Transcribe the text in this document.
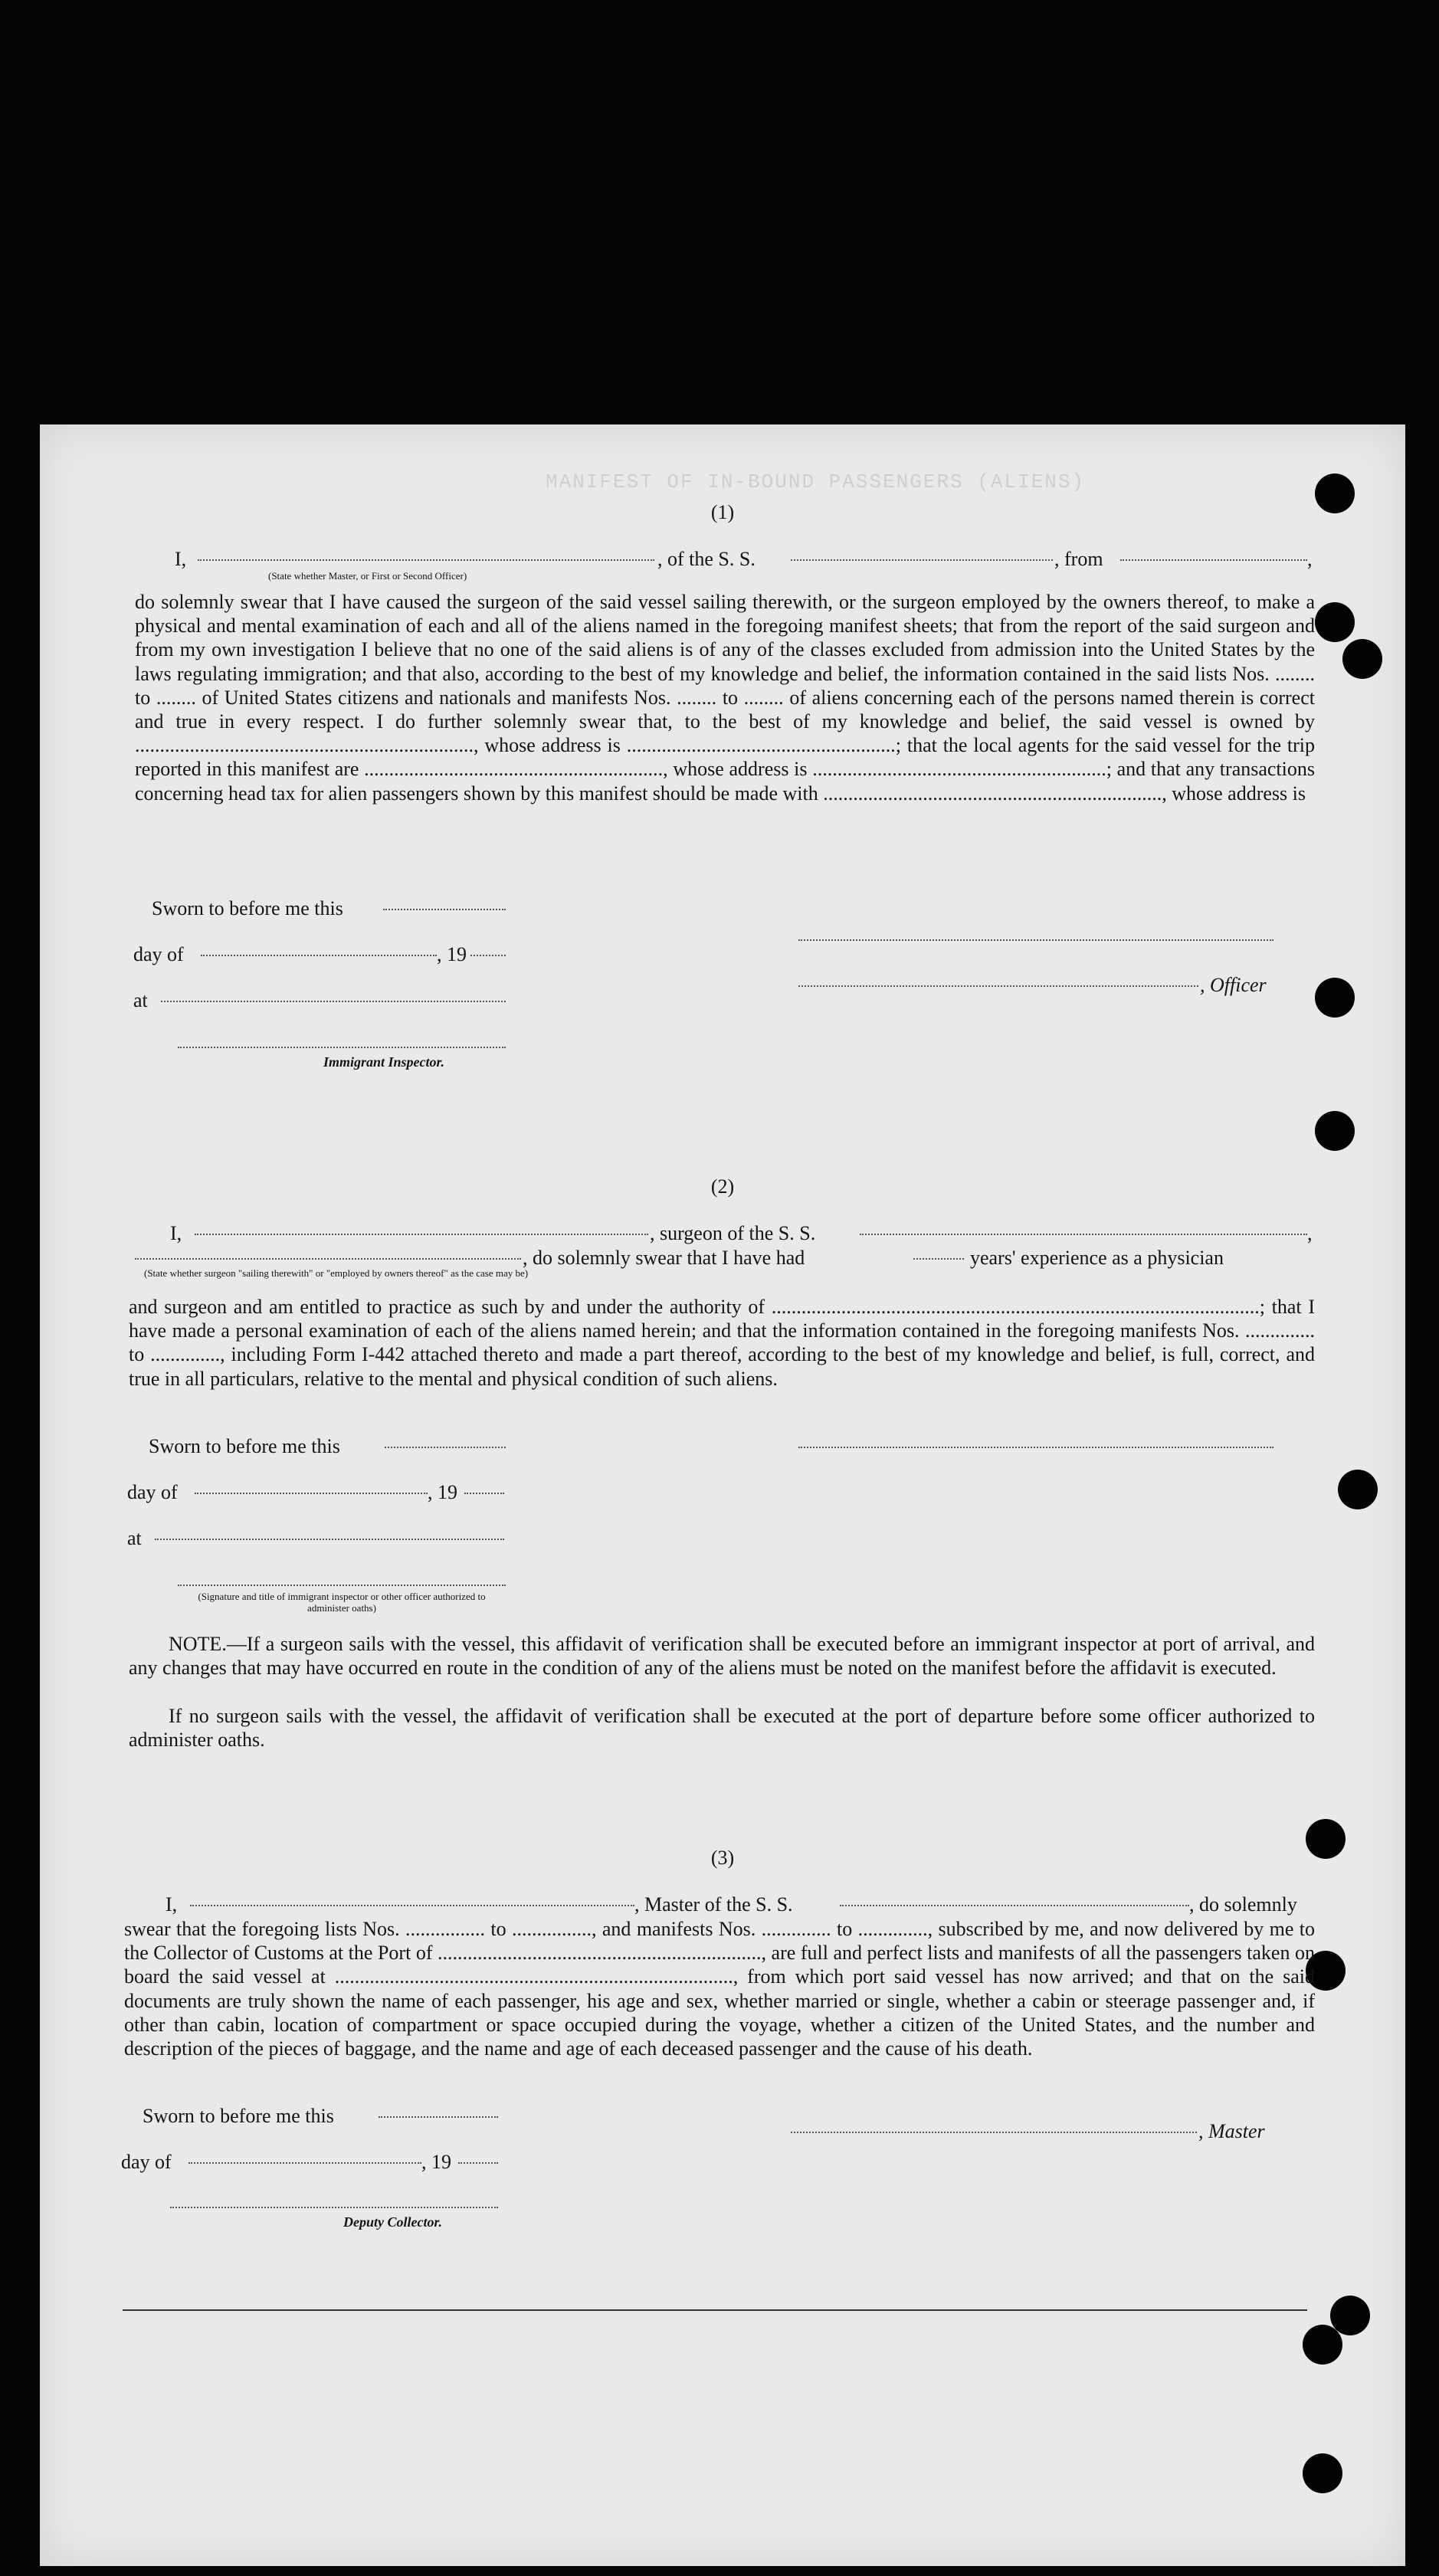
MANIFEST OF IN-BOUND PASSENGERS (ALIENS)
(1)
I,	, of the S. S.	, from	,
(State whether Master, or First or Second Officer)
do solemnly swear that I have caused the surgeon of the said vessel sailing therewith, or the surgeon employed by the owners thereof, to make a physical and mental examination of each and all of the aliens named in the foregoing manifest sheets; that from the report of the said surgeon and from my own investigation I believe that no one of the said aliens is of any of the classes excluded from admission into the United States by the laws regulating immigration; and that also, according to the best of my knowledge and belief, the information contained in the said lists Nos. ........ to ........ of United States citizens and nationals and manifests Nos. ........ to ........ of aliens concerning each of the persons named therein is correct and true in every respect. I do further solemnly swear that, to the best of my knowledge and belief, the said vessel is owned by ...................................................................., whose address is ......................................................; that the local agents for the said vessel for the trip reported in this manifest are ............................................................, whose address is ...........................................................; and that any transactions concerning head tax for alien passengers shown by this manifest should be made with ...................................................................., whose address is
Sworn to before me this
day of	, 19
at
Immigrant Inspector.
, Officer
(2)
I,	, surgeon of the S. S.	,
, do solemnly swear that I have had	years' experience as a physician
(State whether surgeon "sailing therewith" or "employed by owners thereof" as the case may be)
and surgeon and am entitled to practice as such by and under the authority of ..................................................................................................; that I have made a personal examination of each of the aliens named herein; and that the information contained in the foregoing manifests Nos. .............. to .............., including Form I-442 attached thereto and made a part thereof, according to the best of my knowledge and belief, is full, correct, and true in all particulars, relative to the mental and physical condition of such aliens.
Sworn to before me this
day of	, 19
at
(Signature and title of immigrant inspector or other officer authorized to administer oaths)
NOTE.—If a surgeon sails with the vessel, this affidavit of verification shall be executed before an immigrant inspector at port of arrival, and any changes that may have occurred en route in the condition of any of the aliens must be noted on the manifest before the affidavit is executed.
If no surgeon sails with the vessel, the affidavit of verification shall be executed at the port of departure before some officer authorized to administer oaths.
(3)
I,	, Master of the S. S.	, do solemnly
swear that the foregoing lists Nos. ................ to ................, and manifests Nos. .............. to .............., subscribed by me, and now delivered by me to the Collector of Customs at the Port of ................................................................., are full and perfect lists and manifests of all the passengers taken on board the said vessel at ................................................................................, from which port said vessel has now arrived; and that on the said documents are truly shown the name of each passenger, his age and sex, whether married or single, whether a cabin or steerage passenger and, if other than cabin, location of compartment or space occupied during the voyage, whether a citizen of the United States, and the number and description of the pieces of baggage, and the name and age of each deceased passenger and the cause of his death.
Sworn to before me this
day of	, 19
, Master
Deputy Collector.
